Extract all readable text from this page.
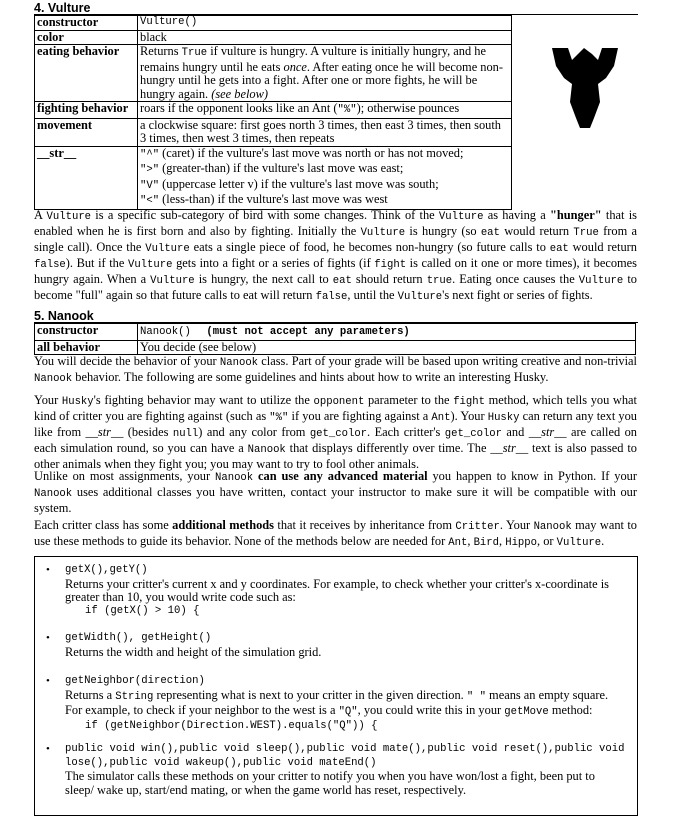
4. Vulture
constructor	Vulture()
color	black
eating behavior	Returns True if vulture is hungry. A vulture is initially hungry, and he remains hungry until he eats once. After eating once he will become non-hungry until he gets into a fight. After one or more fights, he will be hungry again. (see below)
fighting behavior	roars if the opponent looks like an Ant ("%"); otherwise pounces
movement	a clockwise square: first goes north 3 times, then east 3 times, then south 3 times, then west 3 times, then repeats
__str__	"^" (caret) if the vulture's last move was north or has not moved;
">" (greater-than) if the vulture's last move was east;
"V" (uppercase letter v) if the vulture's last move was south;
"<" (less-than) if the vulture's last move was west

A Vulture is a specific sub-category of bird with some changes. Think of the Vulture as having a "hunger" that is enabled when he is first born and also by fighting. Initially the Vulture is hungry (so eat would return True from a single call). Once the Vulture eats a single piece of food, he becomes non-hungry (so future calls to eat would return false). But if the Vulture gets into a fight or a series of fights (if fight is called on it one or more times), it becomes hungry again. When a Vulture is hungry, the next call to eat should return true. Eating once causes the Vulture to become "full" again so that future calls to eat will return false, until the Vulture's next fight or series of fights.

5. Nanook
constructor	Nanook() (must not accept any parameters)
all behavior	You decide (see below)

You will decide the behavior of your Nanook class. Part of your grade will be based upon writing creative and non-trivial Nanook behavior. The following are some guidelines and hints about how to write an interesting Husky.

Your Husky's fighting behavior may want to utilize the opponent parameter to the fight method, which tells you what kind of critter you are fighting against (such as "%" if you are fighting against a Ant). Your Husky can return any text you like from __str__ (besides null) and any color from get_color. Each critter's get_color and __str__ are called on each simulation round, so you can have a Nanook that displays differently over time. The __str__ text is also passed to other animals when they fight you; you may want to try to fool other animals.

Unlike on most assignments, your Nanook can use any advanced material you happen to know in Python. If your Nanook uses additional classes you have written, contact your instructor to make sure it will be compatible with our system.

Each critter class has some additional methods that it receives by inheritance from Critter. Your Nanook may want to use these methods to guide its behavior. None of the methods below are needed for Ant, Bird, Hippo, or Vulture.

• getX(),getY()
Returns your critter's current x and y coordinates. For example, to check whether your critter's x-coordinate is greater than 10, you would write code such as:
if (getX() > 10) {
• getWidth(), getHeight()
Returns the width and height of the simulation grid.
• getNeighbor(direction)
Returns a String representing what is next to your critter in the given direction. " " means an empty square. For example, to check if your neighbor to the west is a "Q", you could write this in your getMove method:
if (getNeighbor(Direction.WEST).equals("Q")) {
• public void win(),public void sleep(),public void mate(),public void reset(),public void lose(),public void wakeup(),public void mateEnd()
The simulator calls these methods on your critter to notify you when you have won/lost a fight, been put to sleep/ wake up, start/end mating, or when the game world has reset, respectively.
